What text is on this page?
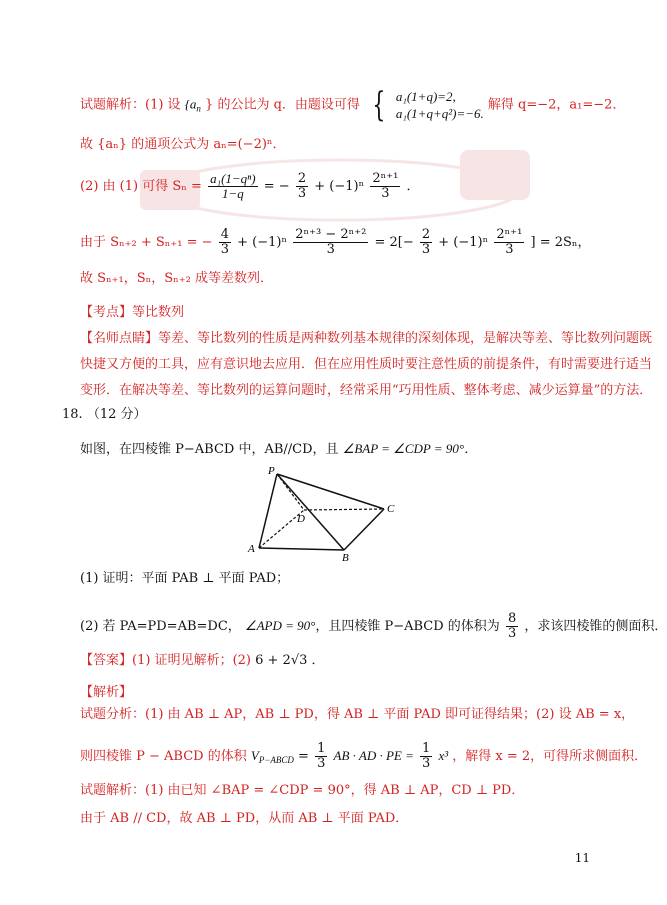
试题解析：(1) 设 {$a_n$ } 的公比为 q．由题设可得 { a₁(1+q)=2,
a₁(1+q+q²)=−6. 解得 q=−2，a₁=−2．
故 {aₙ} 的通项公式为 aₙ=(−2)ⁿ．
(2) 由 (1) 可得 $S_n = \frac{\text{a₁(1−qⁿ)}}{1-q}$ = − $\frac{2}{3} + (-1)^n \frac{\text{2ⁿ⁺¹}}{3}$ ．
由于 Sₙ₊₂ + Sₙ₊₁ = − $\frac{4}{3} + (-1)^n \frac{\text{2ⁿ⁺³ − 2ⁿ⁺²}}{3} = 2[- \frac{2}{3} + (-1)^n \frac{\text{2ⁿ⁺¹}}{3}$ ] = 2Sₙ，
故 Sₙ₊₁，Sₙ，Sₙ₊₂ 成等差数列．
【考点】等比数列
【名师点睛】等差、等比数列的性质是两种数列基本规律的深刻体现，是解决等差、等比数列问题既
快捷又方便的工具，应有意识地去应用．但在应用性质时要注意性质的前提条件，有时需要进行适当
变形．在解决等差、等比数列的运算问题时，经常采用“巧用性质、整体考虑、减少运算量”的方法．
18. （12 分）
如图，在四棱锥 P−ABCD 中，AB//CD，且 ∠BAP = ∠CDP = 90°．
P
A
B
C
D
(1) 证明：平面 PAB ⊥ 平面 PAD；
(2) 若 PA=PD=AB=DC， ∠APD = 90°，且四棱锥 P−ABCD 的体积为 $\frac{8}{3}$ ，求该四棱锥的侧面积．
【答案】(1) 证明见解析；(2) 6 + 2√3 ．
【解析】
试题分析：(1) 由 AB ⊥ AP，AB ⊥ PD，得 AB ⊥ 平面 PAD 即可证得结果；(2) 设 AB = x，
则四棱锥 P − ABCD 的体积 $V_{P-ABCD} = \frac{1}{3}$ AB · AD · PE = $\frac{1}{3} x^3$ ，解得 x = 2，可得所求侧面积．
试题解析：(1) 由已知 ∠BAP = ∠CDP = 90°，得 AB ⊥ AP，CD ⊥ PD．
由于 AB // CD，故 AB ⊥ PD，从而 AB ⊥ 平面 PAD．
11
